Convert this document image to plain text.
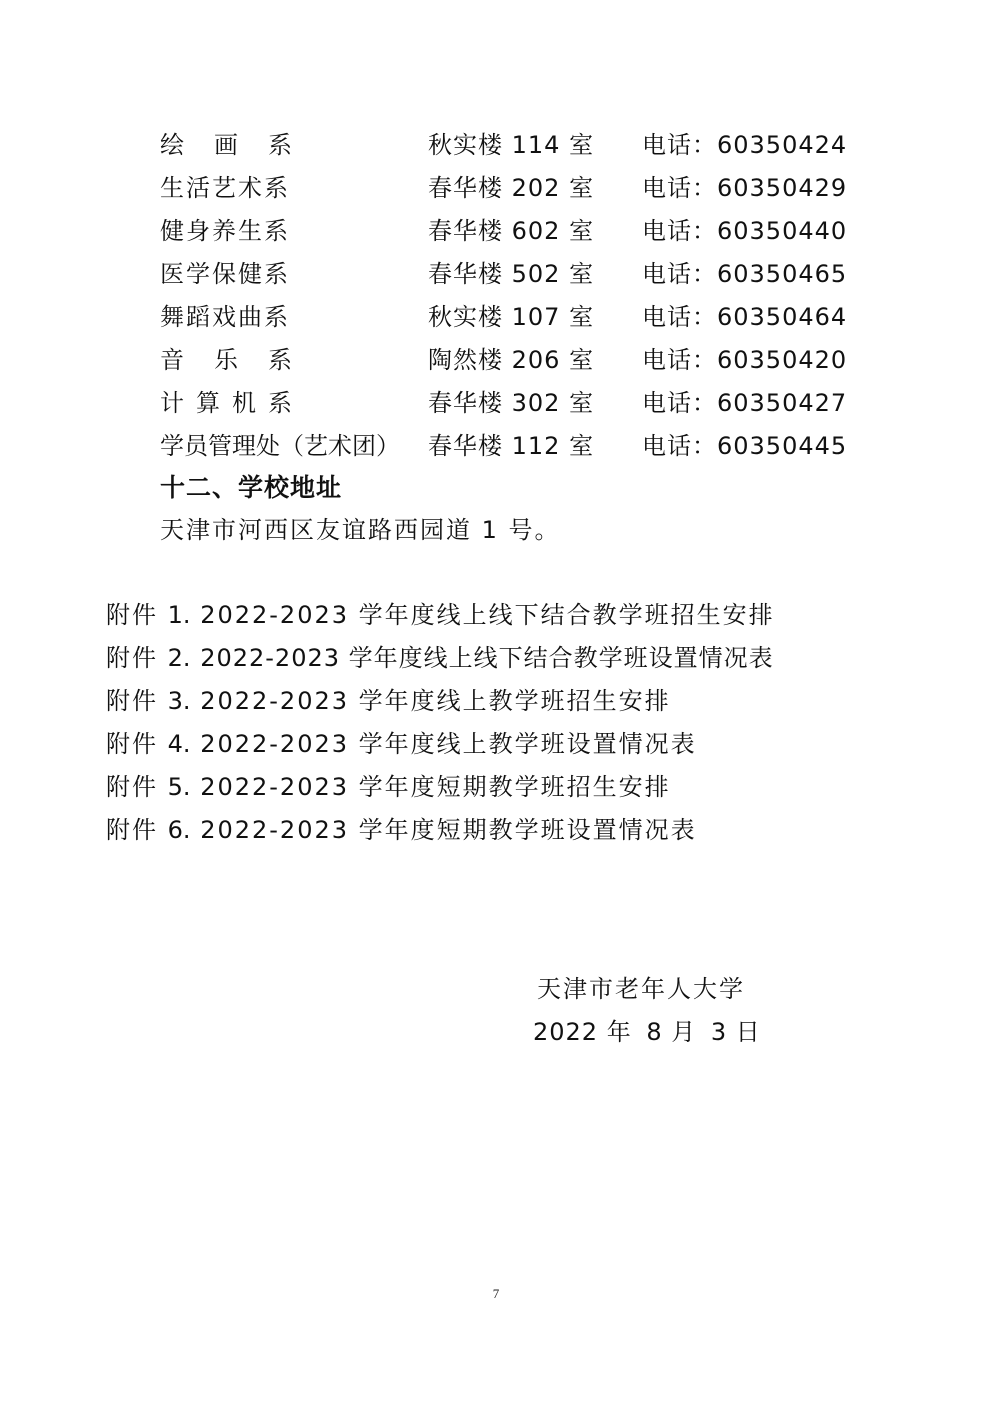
绘 画 系	秋实楼 114 室 电话：60350424
生活艺术系	春华楼 202 室 电话：60350429
健身养生系	春华楼 602 室 电话：60350440
医学保健系	春华楼 502 室 电话：60350465
舞蹈戏曲系	秋实楼 107 室 电话：60350464
音 乐 系	陶然楼 206 室 电话：60350420
计 算 机 系	春华楼 302 室 电话：60350427
学员管理处（艺术团） 春华楼 112 室 电话：60350445
十二、学校地址
天津市河西区友谊路西园道 1 号。
附件 1. 2022-2023 学年度线上线下结合教学班招生安排
附件 2. 2022-2023 学年度线上线下结合教学班设置情况表
附件 3. 2022-2023 学年度线上教学班招生安排
附件 4. 2022-2023 学年度线上教学班设置情况表
附件 5. 2022-2023 学年度短期教学班招生安排
附件 6. 2022-2023 学年度短期教学班设置情况表
天津市老年人大学
2022 年 8 月 3 日
7
